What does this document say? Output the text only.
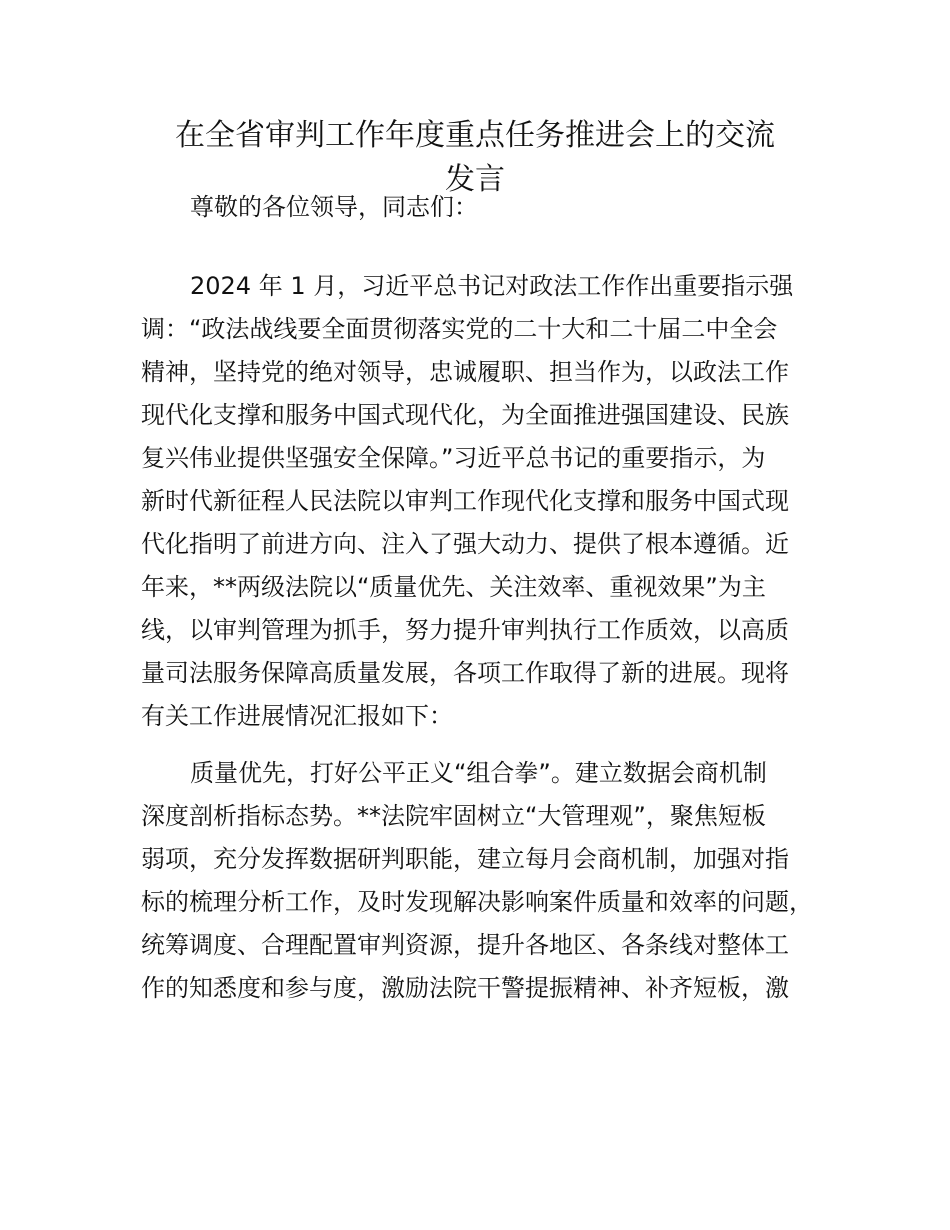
在全省审判工作年度重点任务推进会上的交流
发言

尊敬的各位领导，同志们：

2024 年 1 月，习近平总书记对政法工作作出重要指示强

调：“政法战线要全面贯彻落实党的二十大和二十届二中全会

精神，坚持党的绝对领导，忠诚履职、担当作为，以政法工作

现代化支撑和服务中国式现代化，为全面推进强国建设、民族

复兴伟业提供坚强安全保障。”习近平总书记的重要指示，为

新时代新征程人民法院以审判工作现代化支撑和服务中国式现

代化指明了前进方向、注入了强大动力、提供了根本遵循。近

年来，**两级法院以“质量优先、关注效率、重视效果”为主

线，以审判管理为抓手，努力提升审判执行工作质效，以高质

量司法服务保障高质量发展，各项工作取得了新的进展。现将

有关工作进展情况汇报如下：

质量优先，打好公平正义“组合拳”。建立数据会商机制

深度剖析指标态势。**法院牢固树立“大管理观”，聚焦短板

弱项，充分发挥数据研判职能，建立每月会商机制，加强对指

标的梳理分析工作，及时发现解决影响案件质量和效率的问题，

统筹调度、合理配置审判资源，提升各地区、各条线对整体工

作的知悉度和参与度，激励法院干警提振精神、补齐短板，激
